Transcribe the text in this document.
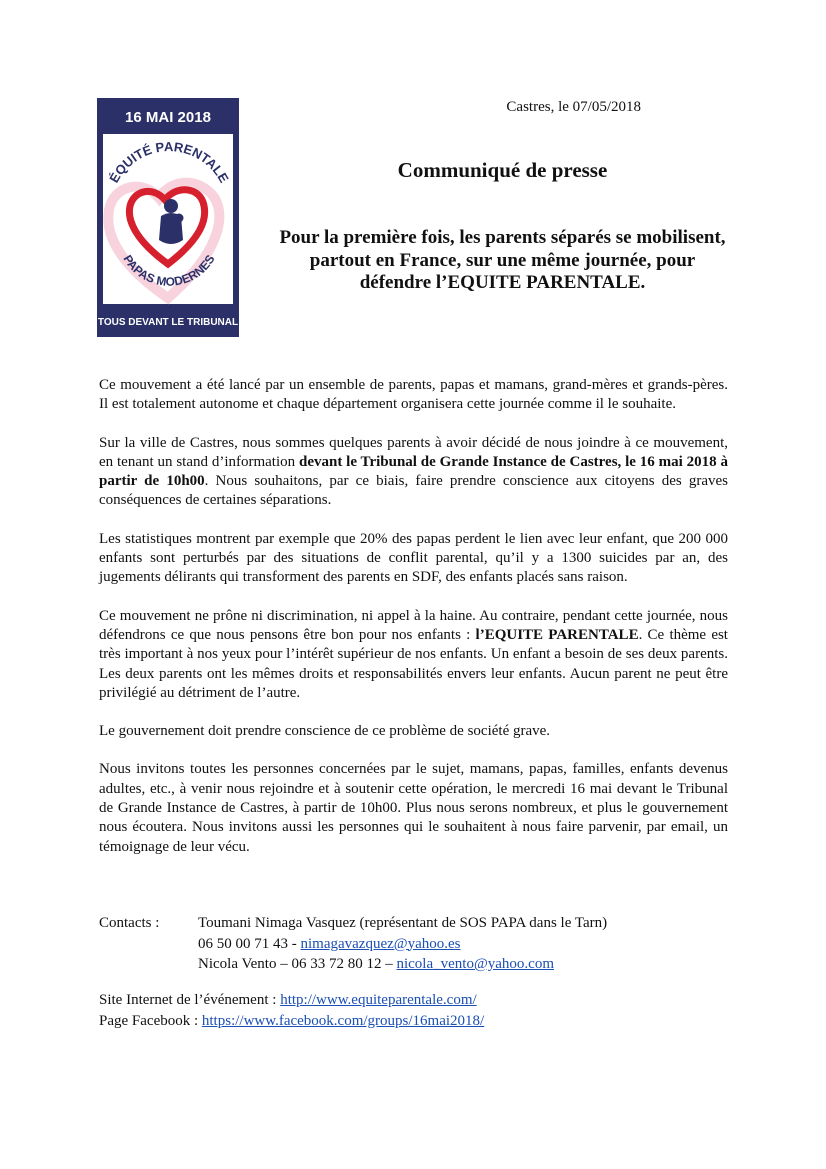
16 MAI 2018
ÉQUITÉ PARENTALE
PAPAS MODERNES
TOUS DEVANT LE TRIBUNAL
Castres, le 07/05/2018
Communiqué de presse
Pour la première fois, les parents séparés se mobilisent, partout en France, sur une même journée, pour défendre l’EQUITE PARENTALE.

Ce mouvement a été lancé par un ensemble de parents, papas et mamans, grand-mères et grands-pères. Il est totalement autonome et chaque département organisera cette journée comme il le souhaite.

Sur la ville de Castres, nous sommes quelques parents à avoir décidé de nous joindre à ce mouvement, en tenant un stand d’information devant le Tribunal de Grande Instance de Castres, le 16 mai 2018 à partir de 10h00. Nous souhaitons, par ce biais, faire prendre conscience aux citoyens des graves conséquences de certaines séparations.

Les statistiques montrent par exemple que 20% des papas perdent le lien avec leur enfant, que 200 000 enfants sont perturbés par des situations de conflit parental, qu’il y a 1300 suicides par an, des jugements délirants qui transforment des parents en SDF, des enfants placés sans raison.

Ce mouvement ne prône ni discrimination, ni appel à la haine. Au contraire, pendant cette journée, nous défendrons ce que nous pensons être bon pour nos enfants : l’EQUITE PARENTALE. Ce thème est très important à nos yeux pour l’intérêt supérieur de nos enfants. Un enfant a besoin de ses deux parents. Les deux parents ont les mêmes droits et responsabilités envers leur enfants. Aucun parent ne peut être privilégié au détriment de l’autre.

Le gouvernement doit prendre conscience de ce problème de société grave.

Nous invitons toutes les personnes concernées par le sujet, mamans, papas, familles, enfants devenus adultes, etc., à venir nous rejoindre et à soutenir cette opération, le mercredi 16 mai devant le Tribunal de Grande Instance de Castres, à partir de 10h00. Plus nous serons nombreux, et plus le gouvernement nous écoutera. Nous invitons aussi les personnes qui le souhaitent à nous faire parvenir, par email, un témoignage de leur vécu.

Contacts :	Toumani Nimaga Vasquez (représentant de SOS PAPA dans le Tarn)
06 50 00 71 43 - nimagavazquez@yahoo.es
Nicola Vento – 06 33 72 80 12 – nicola_vento@yahoo.com
Site Internet de l’événement : http://www.equiteparentale.com/
Page Facebook : https://www.facebook.com/groups/16mai2018/
